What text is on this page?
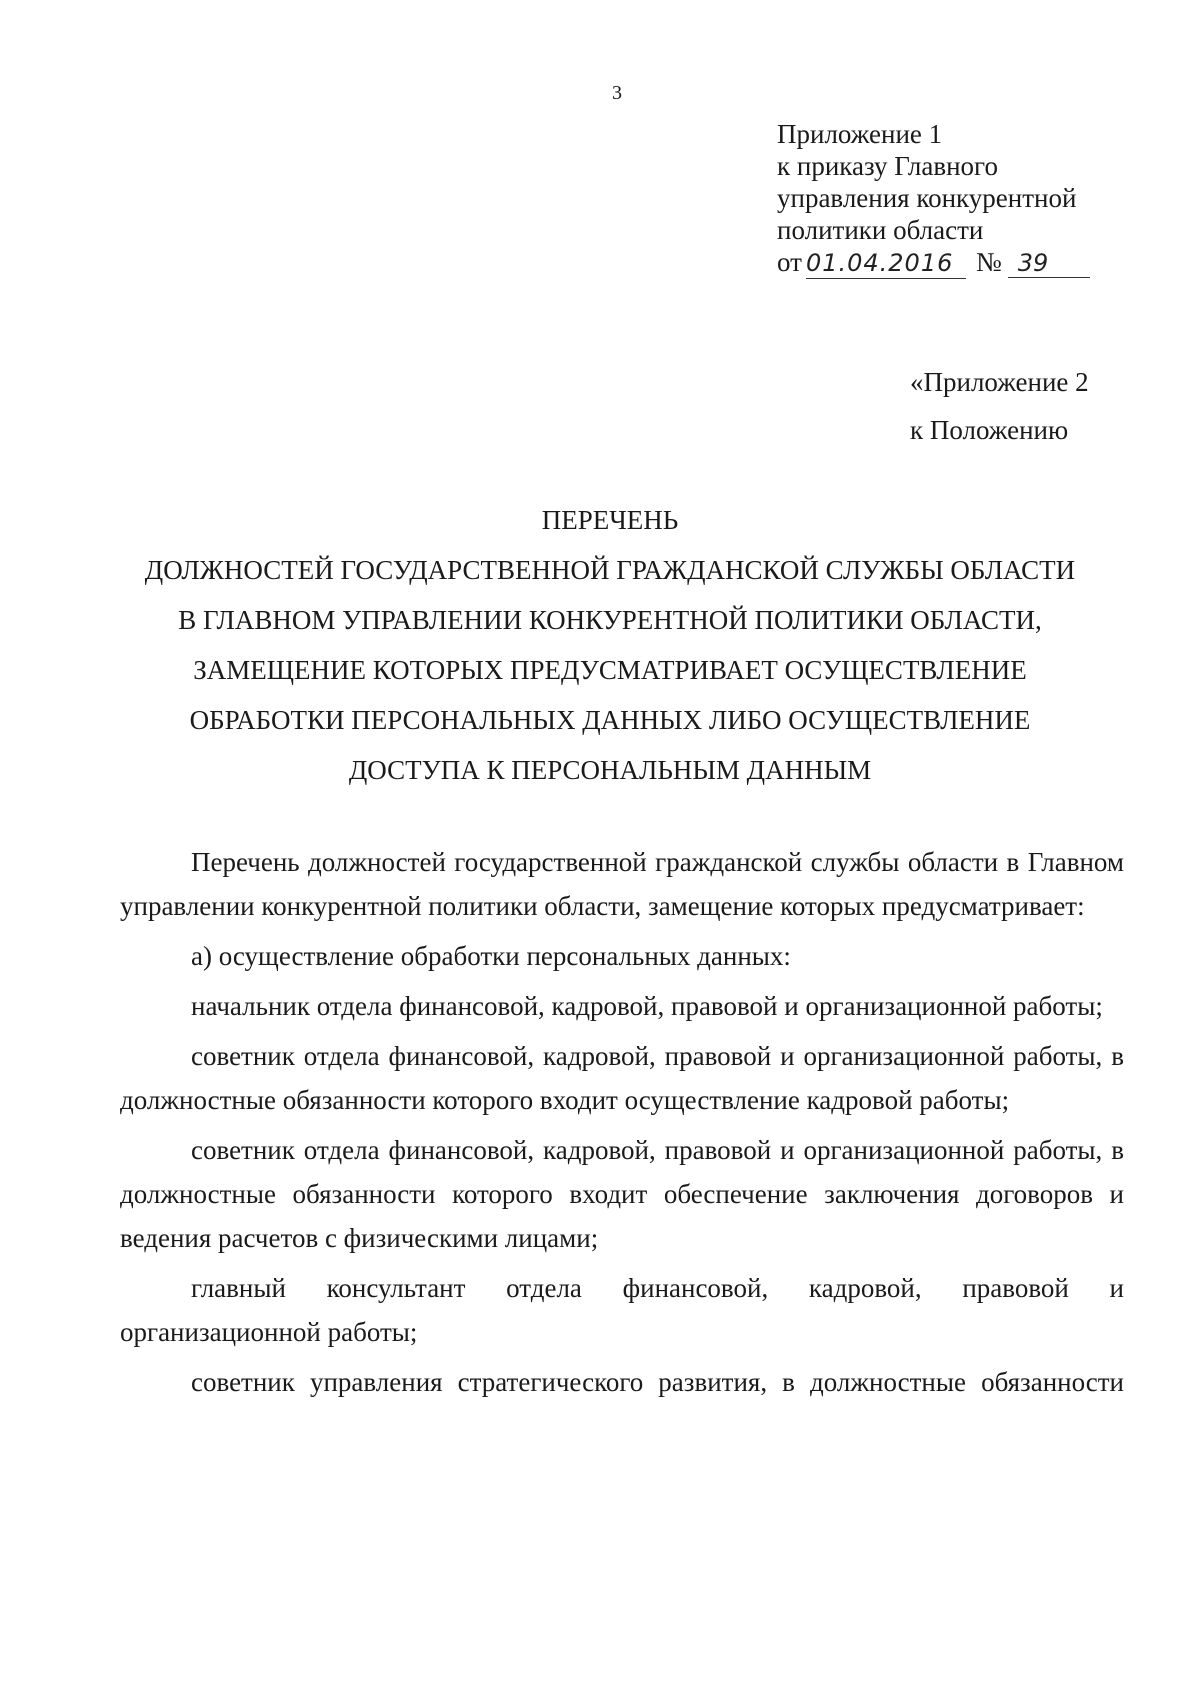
3
Приложение 1
к приказу Главного
управления конкурентной
политики области
от 01.04.2016 № 39
«Приложение 2
к Положению
ПЕРЕЧЕНЬ
ДОЛЖНОСТЕЙ ГОСУДАРСТВЕННОЙ ГРАЖДАНСКОЙ СЛУЖБЫ ОБЛАСТИ
В ГЛАВНОМ УПРАВЛЕНИИ КОНКУРЕНТНОЙ ПОЛИТИКИ ОБЛАСТИ,
ЗАМЕЩЕНИЕ КОТОРЫХ ПРЕДУСМАТРИВАЕТ ОСУЩЕСТВЛЕНИЕ
ОБРАБОТКИ ПЕРСОНАЛЬНЫХ ДАННЫХ ЛИБО ОСУЩЕСТВЛЕНИЕ
ДОСТУПА К ПЕРСОНАЛЬНЫМ ДАННЫМ

Перечень должностей государственной гражданской службы области в Главном управлении конкурентной политики области, замещение которых предусматривает:

а) осуществление обработки персональных данных:

начальник отдела финансовой, кадровой, правовой и организационной работы;

советник отдела финансовой, кадровой, правовой и организационной работы, в должностные обязанности которого входит осуществление кадровой работы;

советник отдела финансовой, кадровой, правовой и организационной работы, в должностные обязанности которого входит обеспечение заключения договоров и ведения расчетов с физическими лицами;

главный консультант отдела финансовой, кадровой, правовой и организационной работы;

советник управления стратегического развития, в должностные обязанности
